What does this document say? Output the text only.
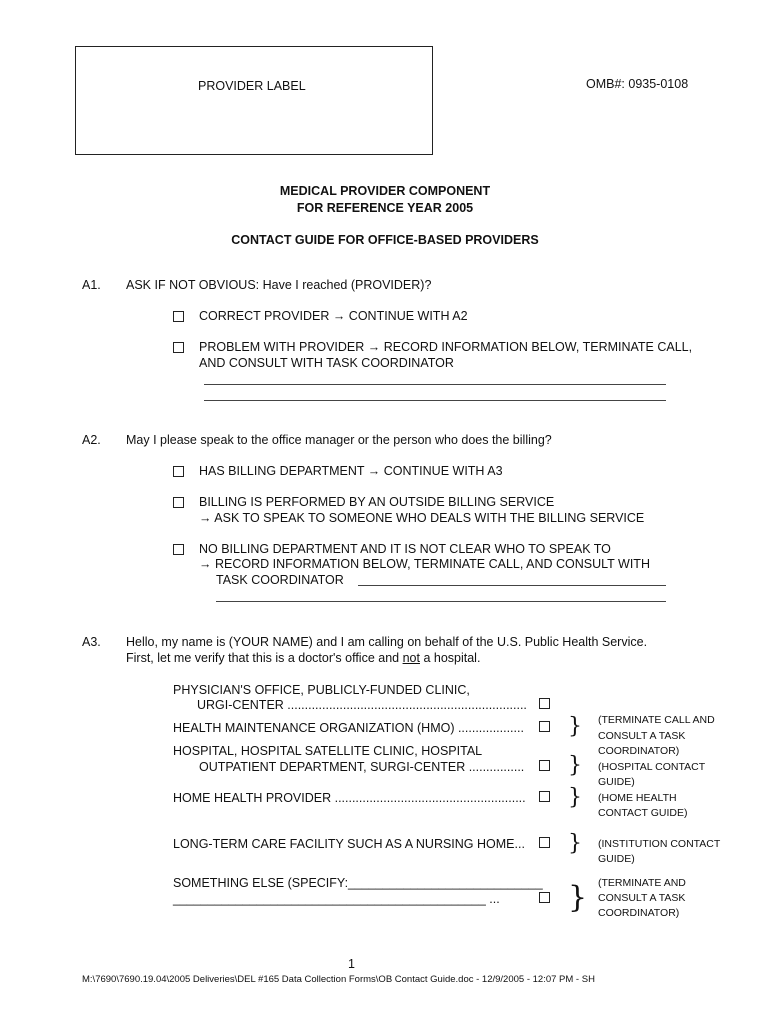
PROVIDER LABEL	OMB#: 0935-0108
MEDICAL PROVIDER COMPONENT
FOR REFERENCE YEAR 2005
CONTACT GUIDE FOR OFFICE-BASED PROVIDERS
A1. ASK IF NOT OBVIOUS: Have I reached (PROVIDER)?
CORRECT PROVIDER → CONTINUE WITH A2
PROBLEM WITH PROVIDER → RECORD INFORMATION BELOW, TERMINATE CALL,
AND CONSULT WITH TASK COORDINATOR
A2. May I please speak to the office manager or the person who does the billing?
HAS BILLING DEPARTMENT → CONTINUE WITH A3
BILLING IS PERFORMED BY AN OUTSIDE BILLING SERVICE
→ ASK TO SPEAK TO SOMEONE WHO DEALS WITH THE BILLING SERVICE
NO BILLING DEPARTMENT AND IT IS NOT CLEAR WHO TO SPEAK TO
→ RECORD INFORMATION BELOW, TERMINATE CALL, AND CONSULT WITH
TASK COORDINATOR
A3. Hello, my name is (YOUR NAME) and I am calling on behalf of the U.S. Public Health Service.
First, let me verify that this is a doctor's office and not a hospital.
PHYSICIAN'S OFFICE, PUBLICLY-FUNDED CLINIC,
URGI-CENTER .....................................................................
HEALTH MAINTENANCE ORGANIZATION (HMO) ................... }
HOSPITAL, HOSPITAL SATELLITE CLINIC, HOSPITAL
OUTPATIENT DEPARTMENT, SURGI-CENTER ................ }
HOME HEALTH PROVIDER ....................................................... }
LONG-TERM CARE FACILITY SUCH AS A NURSING HOME... }
SOMETHING ELSE (SPECIFY:____________________________
_____________________________________________ ... }
(TERMINATE CALL AND
CONSULT A TASK
COORDINATOR)
(HOSPITAL CONTACT
GUIDE)
(HOME HEALTH
CONTACT GUIDE)
(INSTITUTION CONTACT
GUIDE)
(TERMINATE AND
CONSULT A TASK
COORDINATOR)
1
M:\7690\7690.19.04\2005 Deliveries\DEL #165 Data Collection Forms\OB Contact Guide.doc - 12/9/2005 - 12:07 PM - SH
